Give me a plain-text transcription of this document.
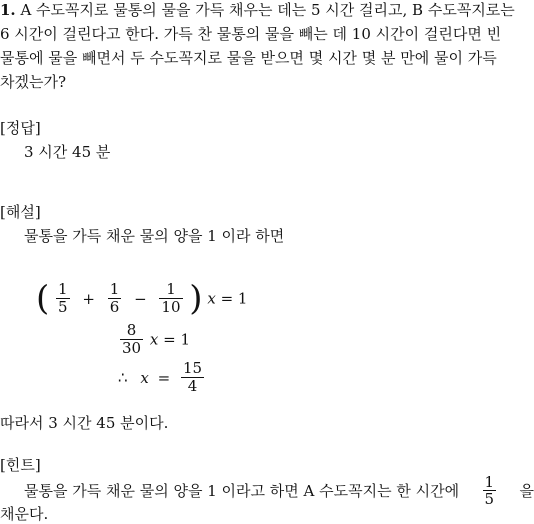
1. A 수도꼭지로 물통의 물을 가득 채우는 데는 5 시간 걸리고, B 수도꼭지로는
6 시간이 걸린다고 한다. 가득 찬 물통의 물을 빼는 데 10 시간이 걸린다면 빈
물통에 물을 빼면서 두 수도꼭지로 물을 받으면 몇 시간 몇 분 만에 물이 가득
차겠는가?
[정답]
3 시간 45 분
[해설]
물통을 가득 채운 물의 양을 1 이라 하면
( $\frac{1}{5} + \frac{1}{6} - \frac{1}{10}$ ) x = 1
$\frac{8}{30}$ x = 1
∴ $x = \frac{15}{4}$
따라서 3 시간 45 분이다.
[힌트]
물통을 가득 채운 물의 양을 1 이라고 하면 A 수도꼭지는 한 시간에 $\frac{1}{5}$ 을
채운다.
